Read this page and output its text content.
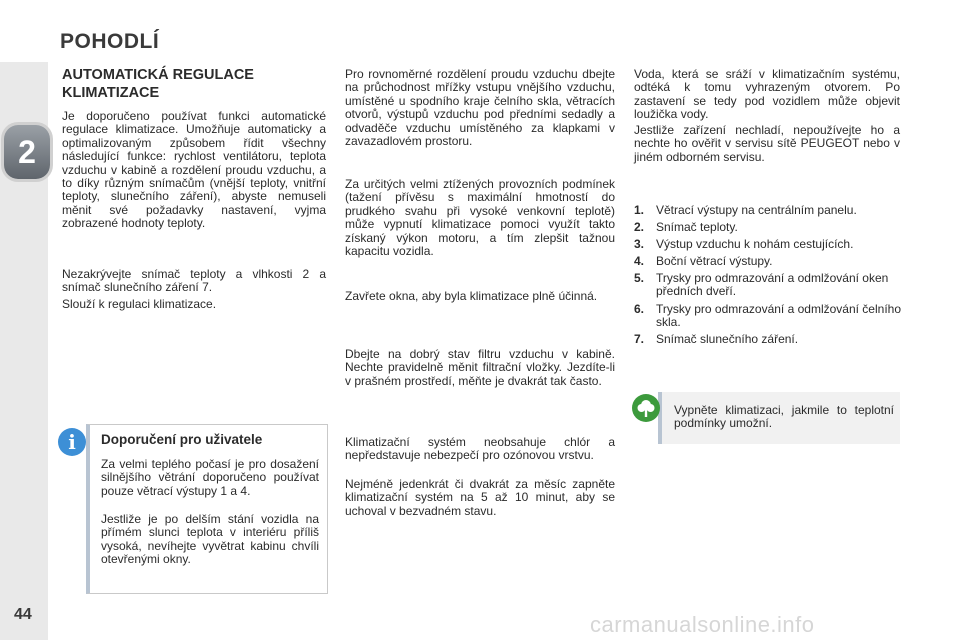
POHODLÍ
2
44
AUTOMATICKÁ REGULACE KLIMATIZACE

Je doporučeno používat funkci automatické regulace klimatizace. Umožňuje automaticky a optimalizovaným způsobem řídit všechny následující funkce: rychlost ventilátoru, teplota vzduchu v kabině a rozdělení proudu vzduchu, a to díky různým snímačům (vnější teploty, vnitřní teploty, slunečního záření), abyste nemuseli měnit své požadavky nastavení, vyjma zobrazené hodnoty teploty.

Nezakrývejte snímač teploty a vlhkosti 2 a snímač slunečního záření 7.

Slouží k regulaci klimatizace.

i	Doporučení pro uživatele

Za velmi teplého počasí je pro dosažení silnějšího větrání doporučeno používat pouze větrací výstupy 1 a 4.

Jestliže je po delším stání vozidla na přímém slunci teplota v interiéru příliš vysoká, nevíhejte vyvětrat kabinu chvíli otevřenými okny.

Pro rovnoměrné rozdělení proudu vzduchu dbejte na průchodnost mřížky vstupu vnějšího vzduchu, umístěné u spodního kraje čelního skla, větracích otvorů, výstupů vzduchu pod předními sedadly a odvaděče vzduchu umístěného za klapkami v zavazadlovém prostoru.

Za určitých velmi ztížených provozních podmínek (tažení přívěsu s maximální hmotností do prudkého svahu při vysoké venkovní teplotě) může vypnutí klimatizace pomoci využít takto získaný výkon motoru, a tím zlepšit tažnou kapacitu vozidla.

Zavřete okna, aby byla klimatizace plně účinná.

Dbejte na dobrý stav filtru vzduchu v kabině. Nechte pravidelně měnit filtrační vložky. Jezdíte-li v prašném prostředí, měňte je dvakrát tak často.

Klimatizační systém neobsahuje chlór a nepředstavuje nebezpečí pro ozónovou vrstvu.

Nejméně jedenkrát či dvakrát za měsíc zapněte klimatizační systém na 5 až 10 minut, aby se uchoval v bezvadném stavu.

Voda, která se sráží v klimatizačním systému, odtéká k tomu vyhrazeným otvorem. Po zastavení se tedy pod vozidlem může objevit loužička vody.

Jestliže zařízení nechladí, nepoužívejte ho a nechte ho ověřit v servisu sítě PEUGEOT nebo v jiném odborném servisu.

1. Větrací výstupy na centrálním panelu.
2. Snímač teploty.
3. Výstup vzduchu k nohám cestujících.
4. Boční větrací výstupy.
5. Trysky pro odmrazování a odmlžování oken předních dveří.
6. Trysky pro odmrazování a odmlžování čelního skla.
7. Snímač slunečního záření.

Vypněte klimatizaci, jakmile to teplotní podmínky umožní.

carmanualsonline.info
